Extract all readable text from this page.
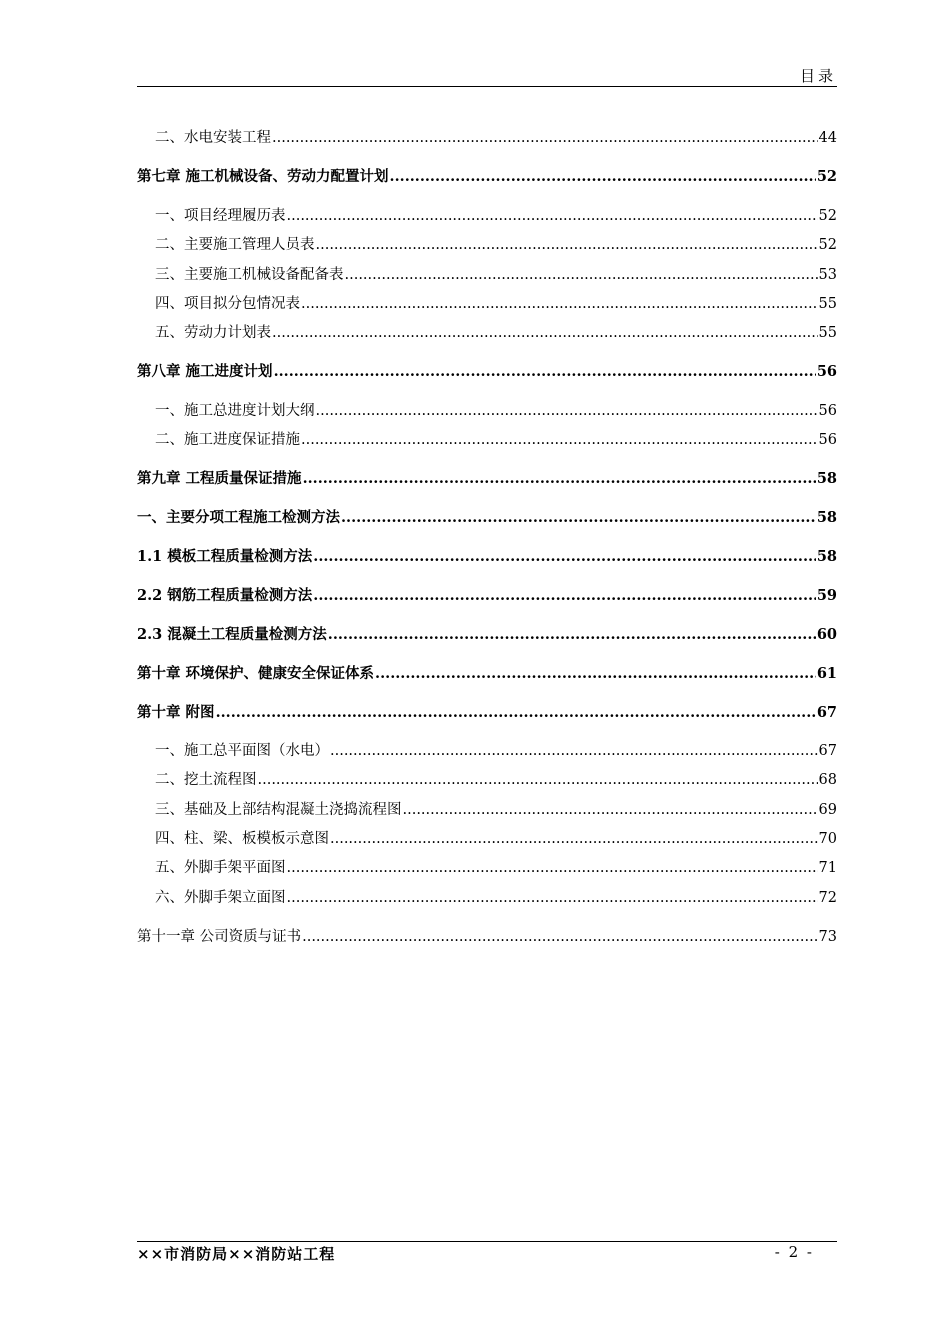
目录
二、水电安装工程 .....	44
第七章 施工机械设备、劳动力配置计划 .....	52
一、项目经理履历表 .....	52
二、主要施工管理人员表 .....	52
三、主要施工机械设备配备表 .....	53
四、项目拟分包情况表 .....	55
五、劳动力计划表 .....	55
第八章 施工进度计划 .....	56
一、施工总进度计划大纲 .....	56
二、施工进度保证措施 .....	56
第九章 工程质量保证措施 .....	58
一、主要分项工程施工检测方法 .....	58
1.1 模板工程质量检测方法 .....	58
2.2 钢筋工程质量检测方法 .....	59
2.3 混凝土工程质量检测方法 .....	60
第十章 环境保护、健康安全保证体系 .....	61
第十章 附图 .....	67
一、施工总平面图（水电） .....	67
二、挖土流程图 .....	68
三、基础及上部结构混凝土浇捣流程图 .....	69
四、柱、梁、板模板示意图 .....	70
五、外脚手架平面图 .....	71
六、外脚手架立面图 .....	72
第十一章 公司资质与证书 .....	73
××市消防局××消防站工程	- 2 -
